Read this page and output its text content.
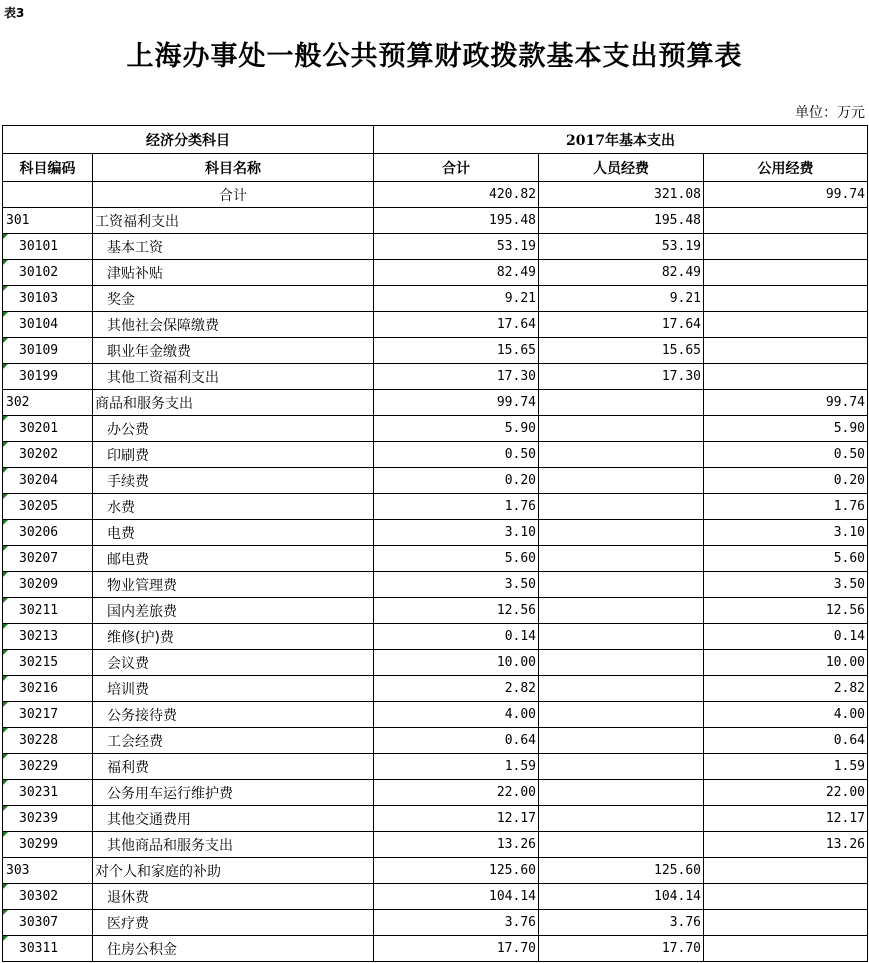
表3
上海办事处一般公共预算财政拨款基本支出预算表
单位：万元
经济分类科目		2017年基本支出		
科目编码	科目名称	合计	人员经费	公用经费
	合计	420.82	321.08	99.74
301	工资福利支出	195.48	195.48	
30101	基本工资	53.19	53.19	
30102	津贴补贴	82.49	82.49	
30103	奖金	9.21	9.21	
30104	其他社会保障缴费	17.64	17.64	
30109	职业年金缴费	15.65	15.65	
30199	其他工资福利支出	17.30	17.30	
302	商品和服务支出	99.74		99.74
30201	办公费	5.90		5.90
30202	印刷费	0.50		0.50
30204	手续费	0.20		0.20
30205	水费	1.76		1.76
30206	电费	3.10		3.10
30207	邮电费	5.60		5.60
30209	物业管理费	3.50		3.50
30211	国内差旅费	12.56		12.56
30213	维修(护)费	0.14		0.14
30215	会议费	10.00		10.00
30216	培训费	2.82		2.82
30217	公务接待费	4.00		4.00
30228	工会经费	0.64		0.64
30229	福利费	1.59		1.59
30231	公务用车运行维护费	22.00		22.00
30239	其他交通费用	12.17		12.17
30299	其他商品和服务支出	13.26		13.26
303	对个人和家庭的补助	125.60	125.60	
30302	退休费	104.14	104.14	
30307	医疗费	3.76	3.76	
30311	住房公积金	17.70	17.70	
